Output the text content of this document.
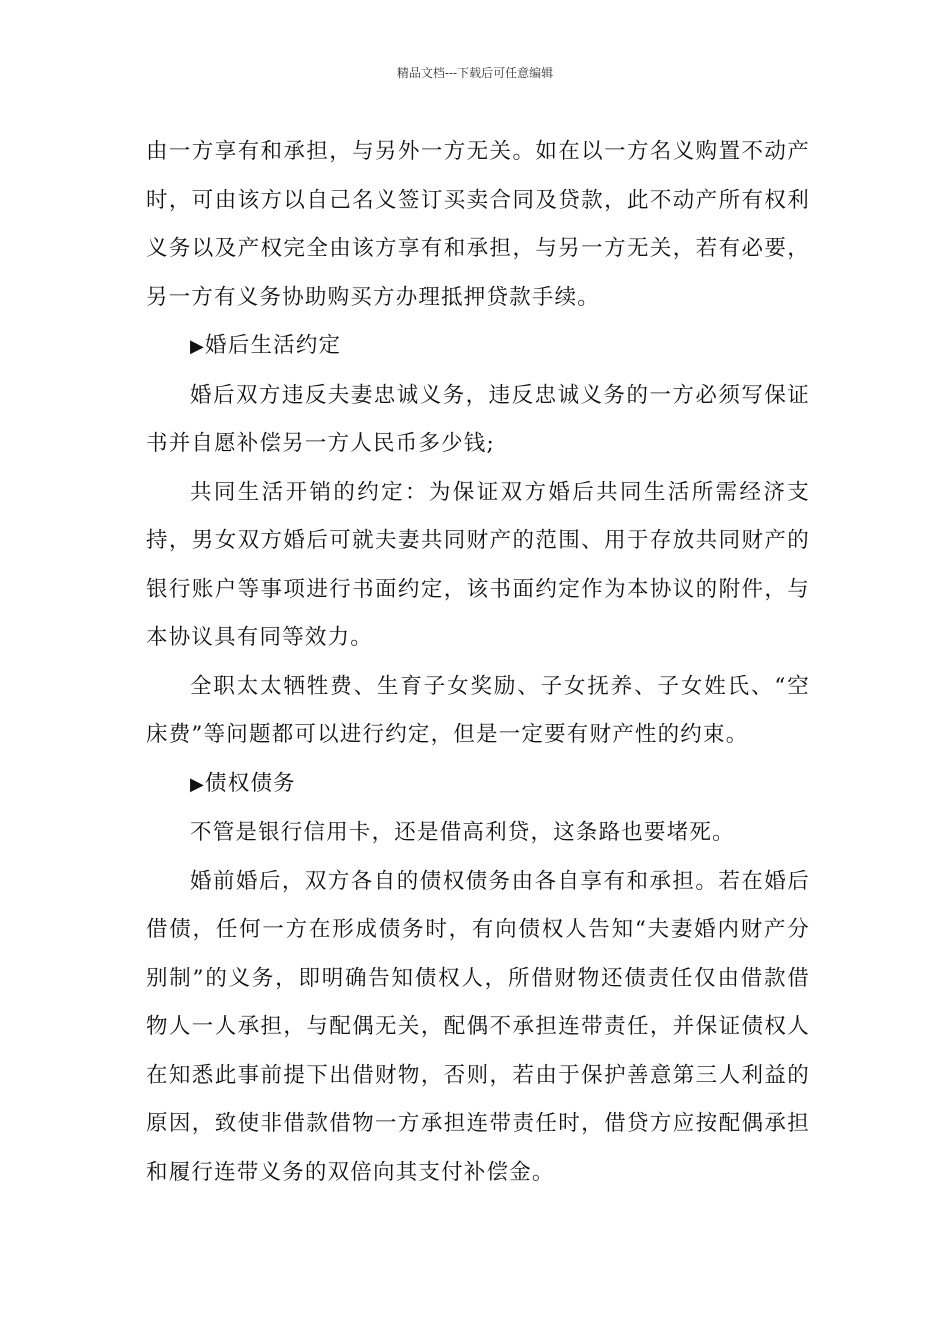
精品文档---下载后可任意编辑

由一方享有和承担，与另外一方无关。如在以一方名义购置不动产时，可由该方以自己名义签订买卖合同及贷款，此不动产所有权利义务以及产权完全由该方享有和承担，与另一方无关，若有必要，另一方有义务协助购买方办理抵押贷款手续。

▶婚后生活约定

婚后双方违反夫妻忠诚义务，违反忠诚义务的一方必须写保证书并自愿补偿另一方人民币多少钱;

共同生活开销的约定：为保证双方婚后共同生活所需经济支持，男女双方婚后可就夫妻共同财产的范围、用于存放共同财产的银行账户等事项进行书面约定，该书面约定作为本协议的附件，与本协议具有同等效力。

全职太太牺牲费、生育子女奖励、子女抚养、子女姓氏、“空床费”等问题都可以进行约定，但是一定要有财产性的约束。

▶债权债务

不管是银行信用卡，还是借高利贷，这条路也要堵死。

婚前婚后，双方各自的债权债务由各自享有和承担。若在婚后借债，任何一方在形成债务时，有向债权人告知“夫妻婚内财产分别制”的义务，即明确告知债权人，所借财物还债责任仅由借款借物人一人承担，与配偶无关，配偶不承担连带责任，并保证债权人在知悉此事前提下出借财物，否则，若由于保护善意第三人利益的原因，致使非借款借物一方承担连带责任时，借贷方应按配偶承担和履行连带义务的双倍向其支付补偿金。
